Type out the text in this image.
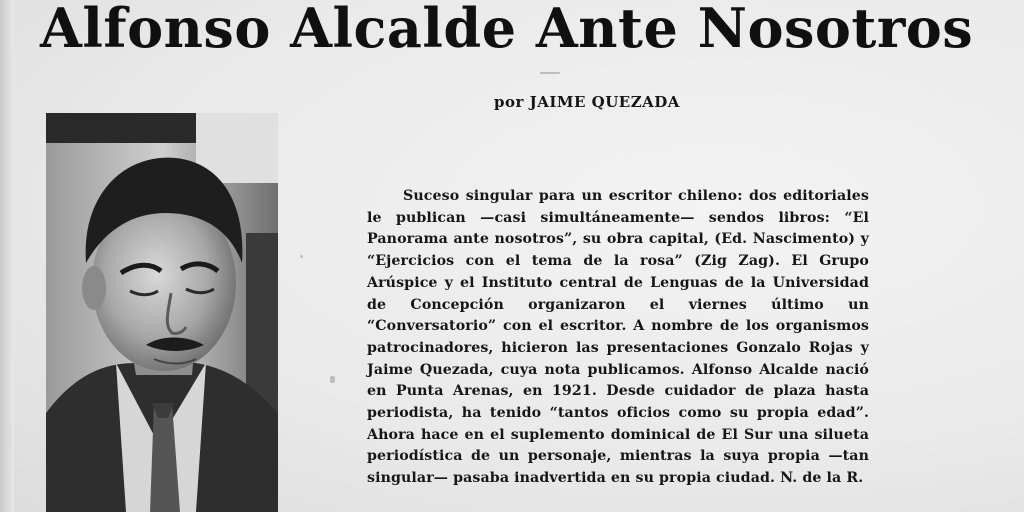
Alfonso Alcalde Ante Nosotros
por JAIME QUEZADA

Suceso singular para un escritor chileno: dos editoriales le publican —casi simultáneamente— sendos libros: “El Panorama ante nosotros”, su obra capital, (Ed. Nascimento) y “Ejercicios con el tema de la rosa” (Zig Zag). El Grupo Arúspice y el Instituto central de Lenguas de la Universidad de Concepción organizaron el viernes último un “Conversatorio” con el escritor. A nombre de los organismos patrocinadores, hicieron las presentaciones Gonzalo Rojas y Jaime Quezada, cuya nota publicamos. Alfonso Alcalde nació en Punta Arenas, en 1921. Desde cuidador de plaza hasta periodista, ha tenido “tantos oficios como su propia edad”. Ahora hace en el suplemento dominical de El Sur una silueta periodística de un personaje, mientras la suya propia —tan singular— pasaba inadvertida en su propia ciudad. N. de la R.
